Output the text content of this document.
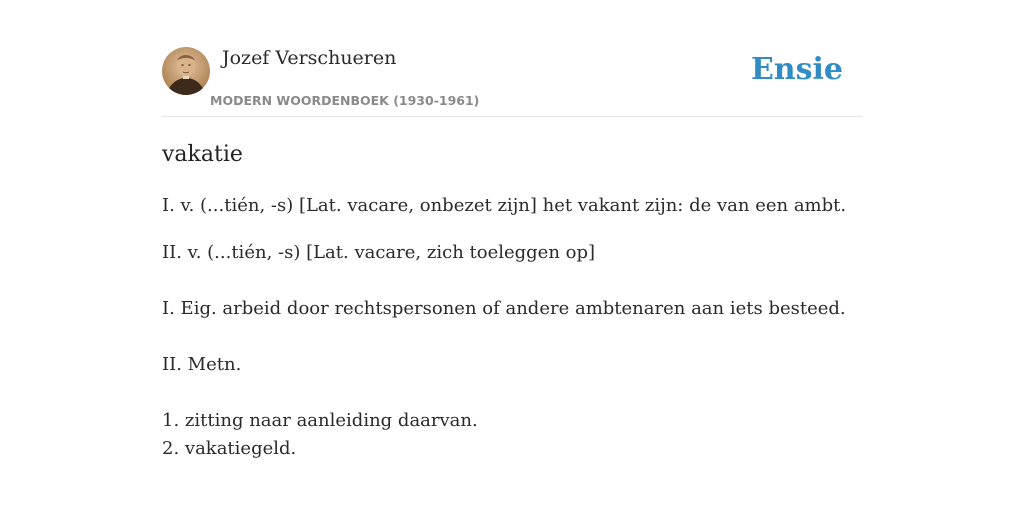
Jozef Verschueren
MODERN WOORDENBOEK (1930-1961)
Ensie
vakatie

I. v. (...tién, -s) [Lat. vacare, onbezet zijn] het vakant zijn: de van een ambt.

II. v. (...tién, -s) [Lat. vacare, zich toeleggen op]

I. Eig. arbeid door rechtspersonen of andere ambtenaren aan iets besteed.

II. Metn.

1. zitting naar aanleiding daarvan.

2. vakatiegeld.
